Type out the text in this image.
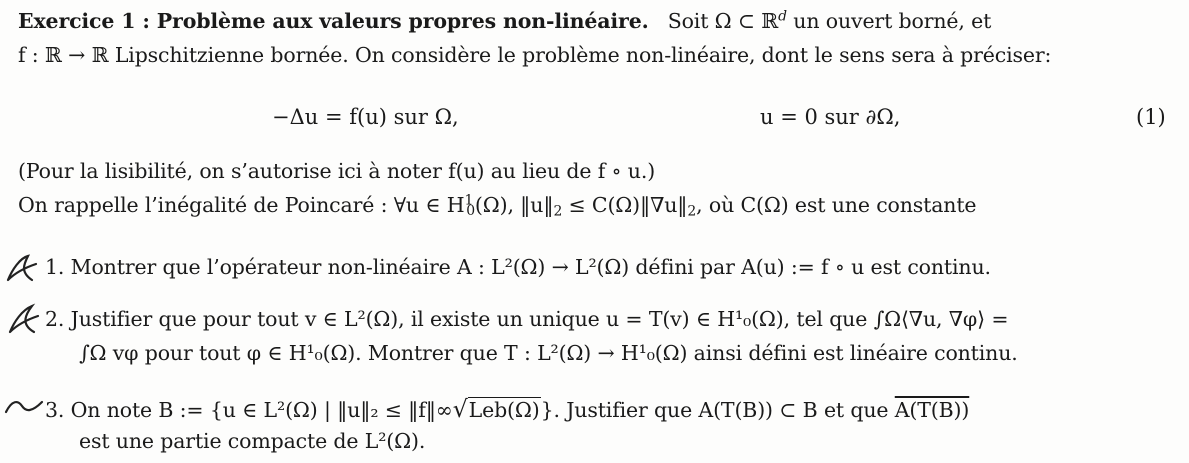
Exercice 1 : Problème aux valeurs propres non-linéaire. Soit Ω ⊂ ℝ$^d$ un ouvert borné, et
f : ℝ → ℝ Lipschitzienne bornée. On considère le problème non-linéaire, dont le sens sera à préciser:
−Δu = f(u) sur Ω,	u = 0 sur ∂Ω,	(1)
(Pour la lisibilité, on s’autorise ici à noter f(u) au lieu de f ∘ u.)
On rappelle l’inégalité de Poincaré : ∀u ∈ $H^1_0(\Omega)$, $‖u‖_2$ ≤ $C(\Omega)‖\nabla u‖_2$, où C(Ω) est une constante
1. Montrer que l’opérateur non-linéaire A : L²(Ω) → L²(Ω) défini par A(u) := f ∘ u est continu.
2. Justifier que pour tout v ∈ L²(Ω), il existe un unique u = T(v) ∈ H¹₀(Ω), tel que ∫Ω⟨∇u, ∇φ⟩ =
∫Ω vφ pour tout φ ∈ H¹₀(Ω). Montrer que T : L²(Ω) → H¹₀(Ω) ainsi défini est linéaire continu.
3. On note B := {u ∈ L²(Ω) | ‖u‖₂ ≤ ‖f‖∞√Leb(Ω)}. Justifier que A(T(B)) ⊂ B et que A(T(B))
est une partie compacte de L²(Ω).
